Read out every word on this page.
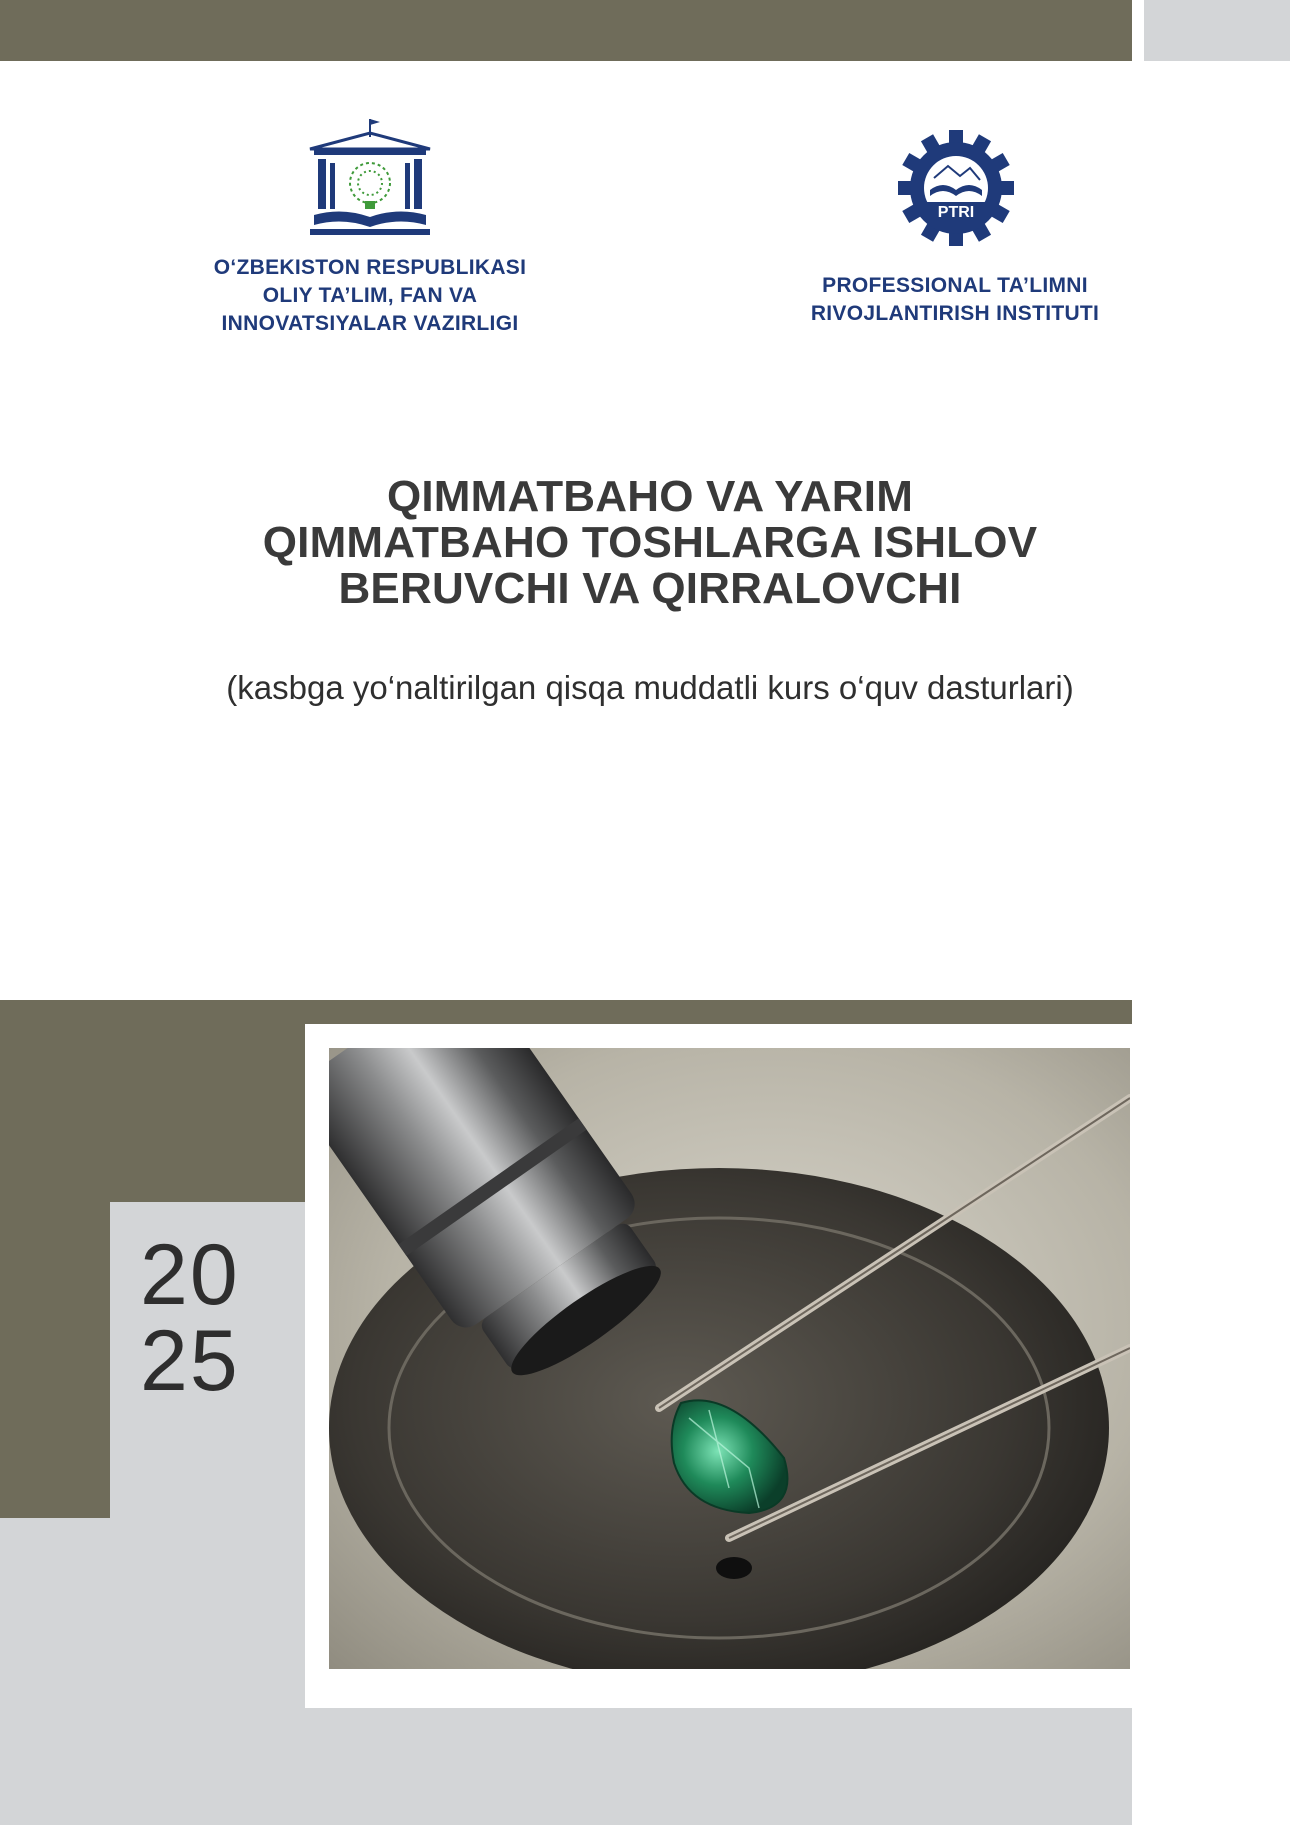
O‘ZBEKISTON RESPUBLIKASI
OLIY TA’LIM, FAN VA
INNOVATSIYALAR VAZIRLIGI
PTRI
PROFESSIONAL TA’LIMNI
RIVOJLANTIRISH INSTITUTI
QIMMATBAHO VA YARIM
QIMMATBAHO TOSHLARGA ISHLOV
BERUVCHI VA QIRRALOVCHI
(kasbga yo‘naltirilgan qisqa muddatli kurs o‘quv dasturlari)
20
25
